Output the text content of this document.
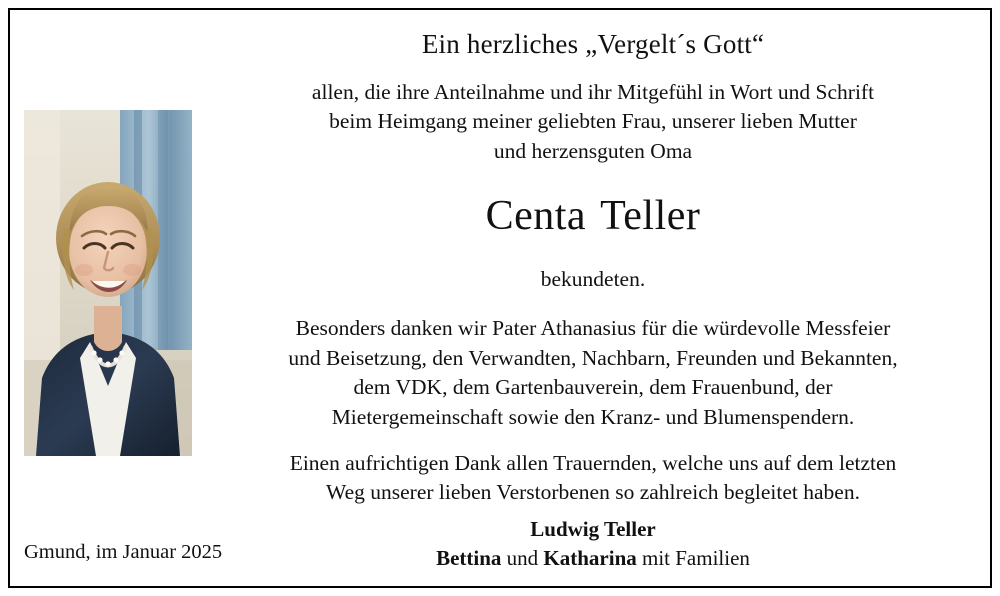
Ein herzliches „Vergelt´s Gott“
allen, die ihre Anteilnahme und ihr Mitgefühl in Wort und Schrift
beim Heimgang meiner geliebten Frau, unserer lieben Mutter
und herzensguten Oma
Centa Teller
bekundeten.
Besonders danken wir Pater Athanasius für die würdevolle Messfeier
und Beisetzung, den Verwandten, Nachbarn, Freunden und Bekannten,
dem VDK, dem Gartenbauverein, dem Frauenbund, der
Mietergemeinschaft sowie den Kranz- und Blumenspendern.
Einen aufrichtigen Dank allen Trauernden, welche uns auf dem letzten
Weg unserer lieben Verstorbenen so zahlreich begleitet haben.
Ludwig Teller
Bettina und Katharina mit Familien
Gmund, im Januar 2025
